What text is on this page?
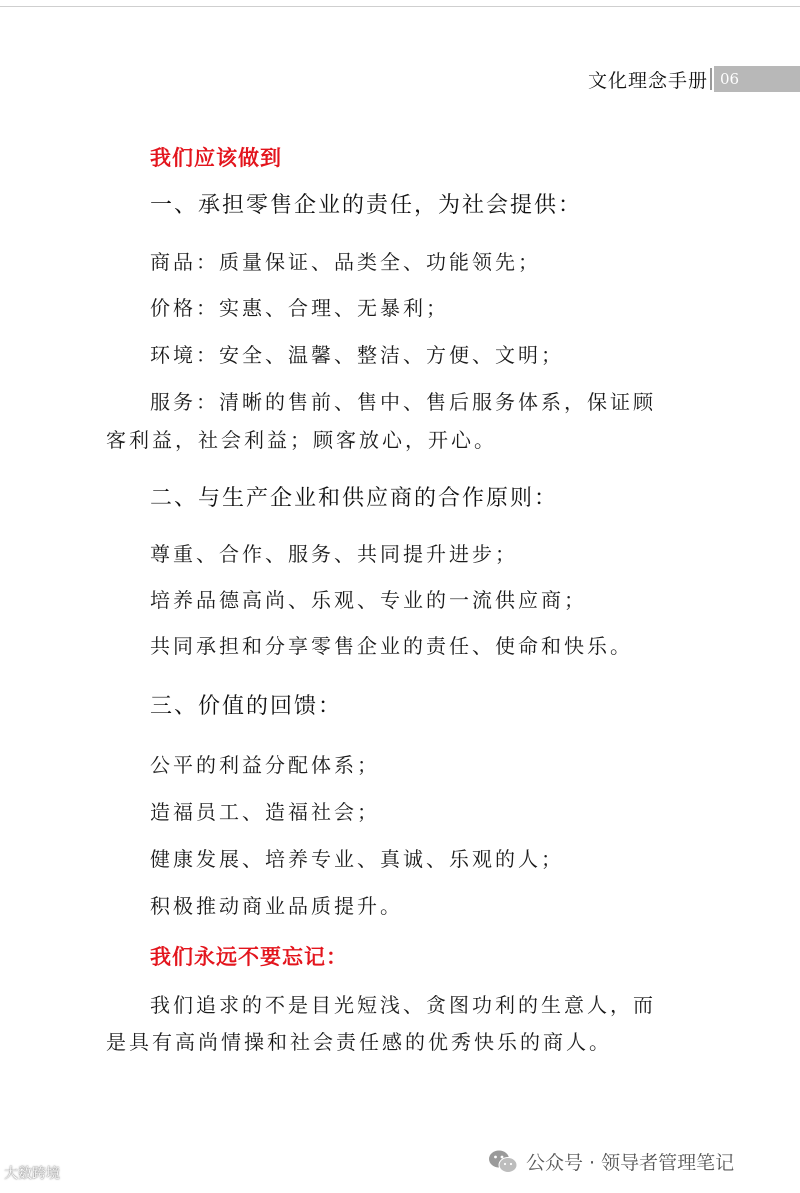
文化理念手册 06
我们应该做到
一、承担零售企业的责任，为社会提供：
商品：质量保证、品类全、功能领先；
价格：实惠、合理、无暴利；
环境：安全、温馨、整洁、方便、文明；
服务：清晰的售前、售中、售后服务体系，保证顾
客利益，社会利益；顾客放心，开心。
二、与生产企业和供应商的合作原则：
尊重、合作、服务、共同提升进步；
培养品德高尚、乐观、专业的一流供应商；
共同承担和分享零售企业的责任、使命和快乐。
三、价值的回馈：
公平的利益分配体系；
造福员工、造福社会；
健康发展、培养专业、真诚、乐观的人；
积极推动商业品质提升。
我们永远不要忘记：
我们追求的不是目光短浅、贪图功利的生意人，而
是具有高尚情操和社会责任感的优秀快乐的商人。
大数跨境	公众号 · 领导者管理笔记
